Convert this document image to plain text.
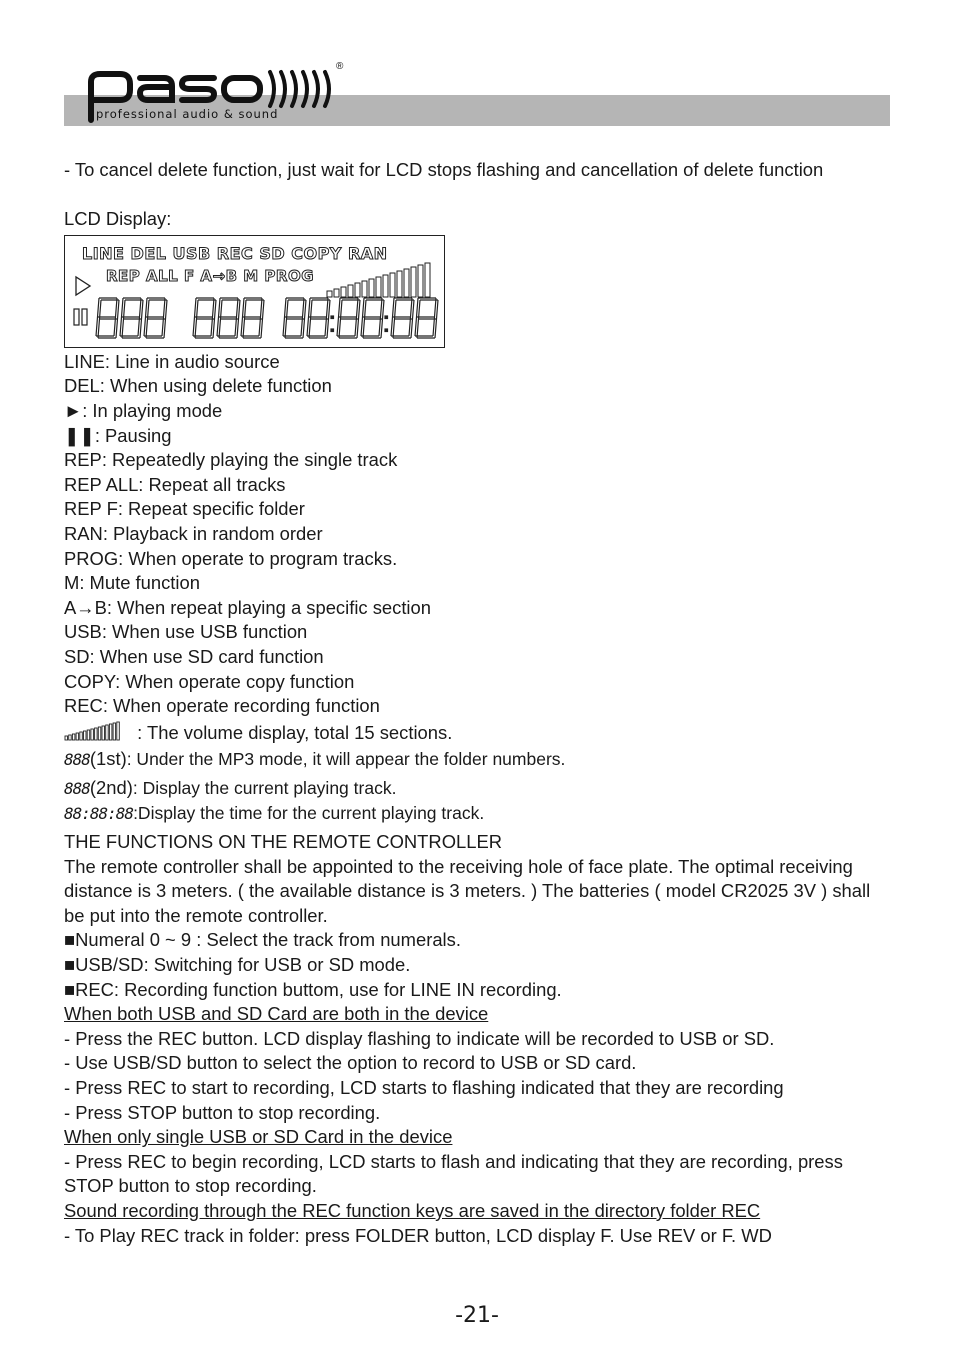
®
professional audio & sound
- To cancel delete function, just wait for LCD stops flashing and cancellation of delete function
LCD Display:
LINE DEL USB REC SD COPY RAN
REP ALL F A→B M PROG
LINE: Line in audio source
DEL: When using delete function
►: In playing mode
❚❚: Pausing
REP: Repeatedly playing the single track
REP ALL: Repeat all tracks
REP F: Repeat specific folder
RAN: Playback in random order
PROG: When operate to program tracks.
M: Mute function
A→B: When repeat playing a specific section
USB: When use USB function
SD: When use SD card function
COPY: When operate copy function
REC: When operate recording function
: The volume display, total 15 sections.
888(1st): Under the MP3 mode, it will appear the folder numbers.
888(2nd): Display the current playing track.
88:88:88:Display the time for the current playing track.
THE FUNCTIONS ON THE REMOTE CONTROLLER
The remote controller shall be appointed to the receiving hole of face plate. The optimal receiving distance is 3 meters. ( the available distance is 3 meters. ) The batteries ( model CR2025 3V ) shall be put into the remote controller.
■Numeral 0 ~ 9 : Select the track from numerals.
■USB/SD: Switching for USB or SD mode.
■REC: Recording function buttom, use for LINE IN recording.
When both USB and SD Card are both in the device
- Press the REC button. LCD display flashing to indicate will be recorded to USB or SD.
- Use USB/SD button to select the option to record to USB or SD card.
- Press REC to start to recording, LCD starts to flashing indicated that they are recording
- Press STOP button to stop recording.
When only single USB or SD Card in the device
- Press REC to begin recording, LCD starts to flash and indicating that they are recording, press STOP button to stop recording.
Sound recording through the REC function keys are saved in the directory folder REC
- To Play REC track in folder: press FOLDER button, LCD display F. Use REV or F. WD
-21-
